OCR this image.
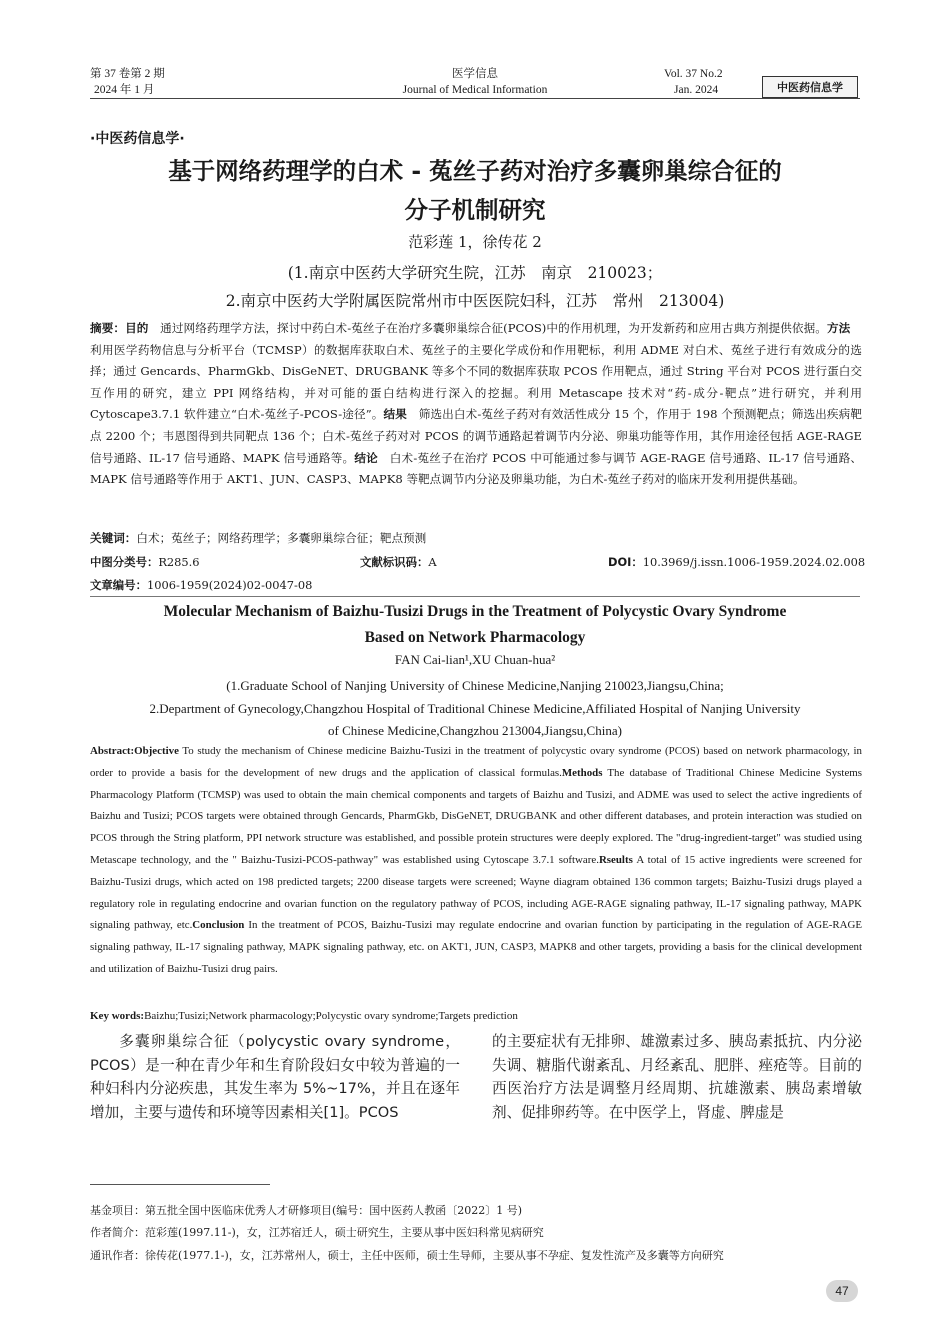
第 37 卷第 2 期
2024 年 1 月
医学信息
Journal of Medical Information
Vol. 37 No.2
Jan. 2024	中医药信息学
·中医药信息学·
基于网络药理学的白术 - 菟丝子药对治疗多囊卵巢综合征的
分子机制研究
范彩莲 1，徐传花 2
(1.南京中医药大学研究生院，江苏　南京　210023；
2.南京中医药大学附属医院常州市中医医院妇科，江苏　常州　213004)
摘要：目的　通过网络药理学方法，探讨中药白术-菟丝子在治疗多囊卵巢综合征(PCOS)中的作用机理，为开发新药和应用古典方剂提供依据。方法　利用医学药物信息与分析平台（TCMSP）的数据库获取白术、菟丝子的主要化学成份和作用靶标，利用 ADME 对白术、菟丝子进行有效成分的选择；通过 Gencards、PharmGkb、DisGeNET、DRUGBANK 等多个不同的数据库获取 PCOS 作用靶点，通过 String 平台对 PCOS 进行蛋白交互作用的研究，建立 PPI 网络结构，并对可能的蛋白结构进行深入的挖掘。利用 Metascape 技术对“药-成分-靶点”进行研究，并利用 Cytoscape3.7.1 软件建立“白术-菟丝子-PCOS-途径”。结果　筛选出白术-菟丝子药对有效活性成分 15 个，作用于 198 个预测靶点；筛选出疾病靶点 2200 个；韦恩图得到共同靶点 136 个；白术-菟丝子药对对 PCOS 的调节通路起着调节内分泌、卵巢功能等作用，其作用途径包括 AGE-RAGE 信号通路、IL-17 信号通路、MAPK 信号通路等。结论　白术-菟丝子在治疗 PCOS 中可能通过参与调节 AGE-RAGE 信号通路、IL-17 信号通路、MAPK 信号通路等作用于 AKT1、JUN、CASP3、MAPK8 等靶点调节内分泌及卵巢功能，为白术-菟丝子药对的临床开发利用提供基础。
关键词：白术；菟丝子；网络药理学；多囊卵巢综合征；靶点预测
中图分类号：R285.6	文献标识码：A	DOI：10.3969/j.issn.1006-1959.2024.02.008
文章编号：1006-1959(2024)02-0047-08
Molecular Mechanism of Baizhu-Tusizi Drugs in the Treatment of Polycystic Ovary Syndrome
Based on Network Pharmacology
FAN Cai-lian¹,XU Chuan-hua²
(1.Graduate School of Nanjing University of Chinese Medicine,Nanjing 210023,Jiangsu,China;
2.Department of Gynecology,Changzhou Hospital of Traditional Chinese Medicine,Affiliated Hospital of Nanjing University
of Chinese Medicine,Changzhou 213004,Jiangsu,China)
Abstract:Objective To study the mechanism of Chinese medicine Baizhu-Tusizi in the treatment of polycystic ovary syndrome (PCOS) based on network pharmacology, in order to provide a basis for the development of new drugs and the application of classical formulas.Methods The database of Traditional Chinese Medicine Systems Pharmacology Platform (TCMSP) was used to obtain the main chemical components and targets of Baizhu and Tusizi, and ADME was used to select the active ingredients of Baizhu and Tusizi; PCOS targets were obtained through Gencards, PharmGkb, DisGeNET, DRUGBANK and other different databases, and protein interaction was studied on PCOS through the String platform, PPI network structure was established, and possible protein structures were deeply explored. The "drug-ingredient-target" was studied using Metascape technology, and the " Baizhu-Tusizi-PCOS-pathway" was established using Cytoscape 3.7.1 software.Rseults A total of 15 active ingredients were screened for Baizhu-Tusizi drugs, which acted on 198 predicted targets; 2200 disease targets were screened; Wayne diagram obtained 136 common targets; Baizhu-Tusizi drugs played a regulatory role in regulating endocrine and ovarian function on the regulatory pathway of PCOS, including AGE-RAGE signaling pathway, IL-17 signaling pathway, MAPK signaling pathway, etc.Conclusion In the treatment of PCOS, Baizhu-Tusizi may regulate endocrine and ovarian function by participating in the regulation of AGE-RAGE signaling pathway, IL-17 signaling pathway, MAPK signaling pathway, etc. on AKT1, JUN, CASP3, MAPK8 and other targets, providing a basis for the clinical development and utilization of Baizhu-Tusizi drug pairs.
Key words:Baizhu;Tusizi;Network pharmacology;Polycystic ovary syndrome;Targets prediction
多囊卵巢综合征（polycystic ovary syndrome，PCOS）是一种在青少年和生育阶段妇女中较为普遍的一种妇科内分泌疾患，其发生率为 5%~17%，并且在逐年增加，主要与遗传和环境等因素相关[1]。PCOS
的主要症状有无排卵、雄激素过多、胰岛素抵抗、内分泌失调、糖脂代谢紊乱、月经紊乱、肥胖、痤疮等。目前的西医治疗方法是调整月经周期、抗雄激素、胰岛素增敏剂、促排卵药等。在中医学上，肾虚、脾虚是
基金项目：第五批全国中医临床优秀人才研修项目(编号：国中医药人教函〔2022〕1 号)
作者简介：范彩莲(1997.11-)，女，江苏宿迁人，硕士研究生，主要从事中医妇科常见病研究
通讯作者：徐传花(1977.1-)，女，江苏常州人，硕士，主任中医师，硕士生导师，主要从事不孕症、复发性流产及多囊等方向研究
47
